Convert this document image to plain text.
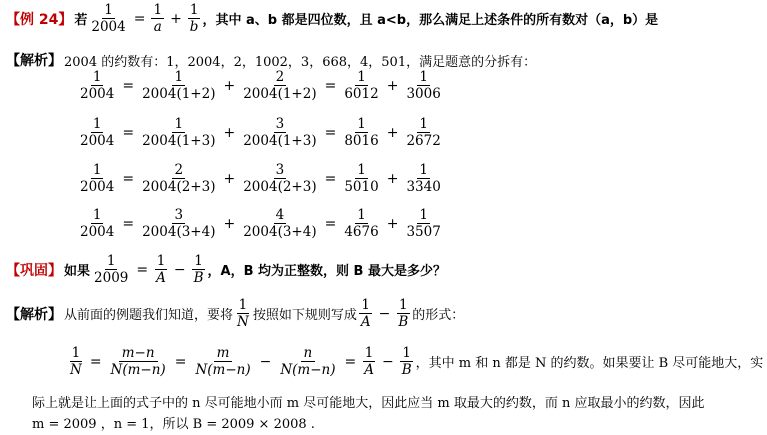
【例 24】 若 $\frac{1}{2004} = \frac{1}{a} + \frac{1}{b}$ ，其中 a、b 都是四位数，且 a<b，那么满足上述条件的所有数对（a，b）是
【解析】 2004 的约数有：1，2004，2，1002，3，668，4，501，满足题意的分拆有：
$\frac{1}{2004} = \frac{1}{2004(1+2)} + \frac{2}{2004(1+2)} = \frac{1}{6012} + \frac{1}{3006}$
$\frac{1}{2004} = \frac{1}{2004(1+3)} + \frac{3}{2004(1+3)} = \frac{1}{8016} + \frac{1}{2672}$
$\frac{1}{2004} = \frac{2}{2004(2+3)} + \frac{3}{2004(2+3)} = \frac{1}{5010} + \frac{1}{3340}$
$\frac{1}{2004} = \frac{3}{2004(3+4)} + \frac{4}{2004(3+4)} = \frac{1}{4676} + \frac{1}{3507}$
【巩固】 如果 $\frac{1}{2009} = \frac{1}{A} - \frac{1}{B}$ ，A，B 均为正整数，则 B 最大是多少？
【解析】 从前面的例题我们知道，要将 $\frac{1}{N}$ 按照如下规则写成 $\frac{1}{A} - \frac{1}{B}$ 的形式：
$\frac{1}{N} = \frac{m-n}{N(m-n)} = \frac{m}{N(m-n)} - \frac{n}{N(m-n)} = \frac{1}{A} - \frac{1}{B}$ ，其中 m 和 n 都是 N 的约数。如果要让 B 尽可能地大，实
际上就是让上面的式子中的 n 尽可能地小而 m 尽可能地大，因此应当 m 取最大的约数，而 n 应取最小的约数，因此
m = 2009 ，n = 1，所以 B = 2009 × 2008 .
